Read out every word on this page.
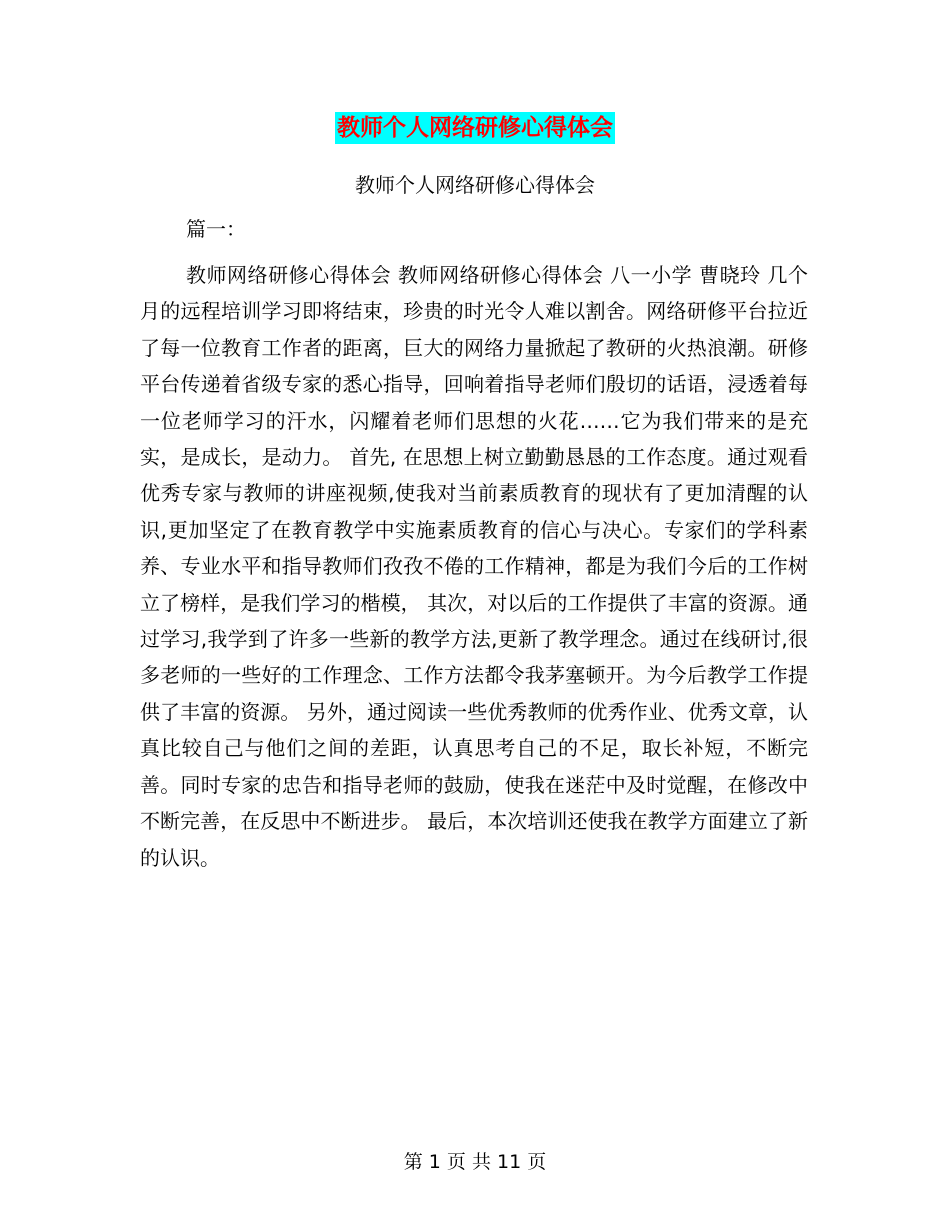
教师个人网络研修心得体会
教师个人网络研修心得体会
篇一：

教师网络研修心得体会 教师网络研修心得体会 八一小学 曹晓玲 几个月的远程培训学习即将结束，珍贵的时光令人难以割舍。网络研修平台拉近了每一位教育工作者的距离，巨大的网络力量掀起了教研的火热浪潮。研修平台传递着省级专家的悉心指导，回响着指导老师们殷切的话语，浸透着每一位老师学习的汗水，闪耀着老师们思想的火花……它为我们带来的是充实，是成长，是动力。 首先, 在思想上树立勤勤恳恳的工作态度。通过观看优秀专家与教师的讲座视频,使我对当前素质教育的现状有了更加清醒的认识,更加坚定了在教育教学中实施素质教育的信心与决心。专家们的学科素养、专业水平和指导教师们孜孜不倦的工作精神，都是为我们今后的工作树立了榜样，是我们学习的楷模， 其次，对以后的工作提供了丰富的资源。通过学习,我学到了许多一些新的教学方法,更新了教学理念。通过在线研讨,很多老师的一些好的工作理念、工作方法都令我茅塞顿开。为今后教学工作提供了丰富的资源。 另外，通过阅读一些优秀教师的优秀作业、优秀文章，认真比较自己与他们之间的差距，认真思考自己的不足，取长补短，不断完善。同时专家的忠告和指导老师的鼓励，使我在迷茫中及时觉醒，在修改中不断完善，在反思中不断进步。 最后，本次培训还使我在教学方面建立了新的认识。

第 1 页 共 11 页
